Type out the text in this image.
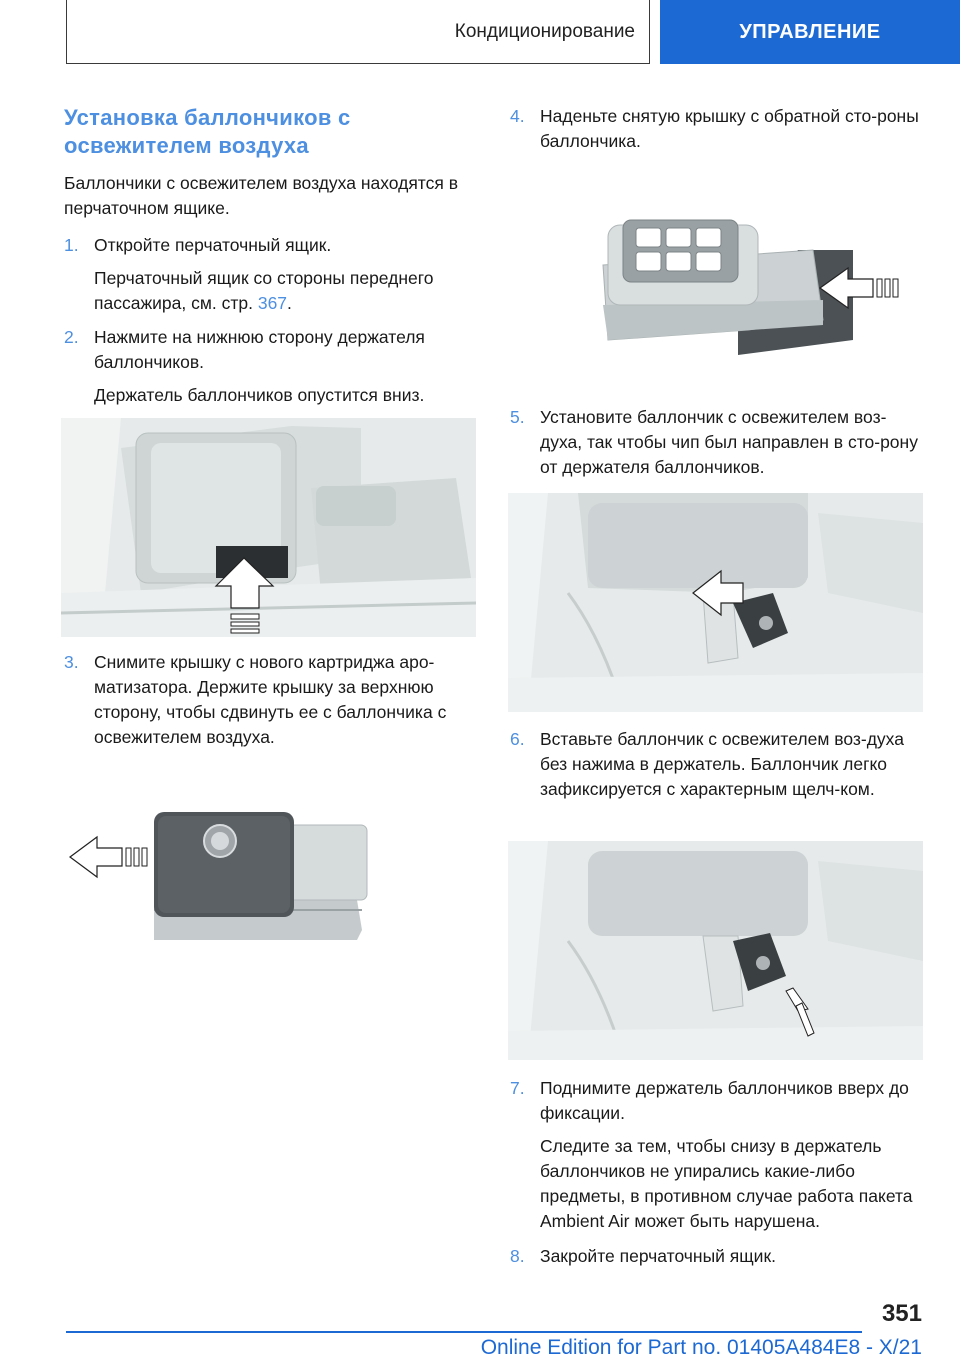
Кондиционирование	УПРАВЛЕНИЕ
Установка баллончиков с освежителем воздуха

Баллончики с освежителем воздуха находятся в перчаточном ящике.

1. Откройте перчаточный ящик.

Перчаточный ящик со стороны переднего пассажира, см. стр. 367.

2. Нажмите на нижнюю сторону держателя баллончиков.

Держатель баллончиков опустится вниз.

3. Снимите крышку с нового картриджа аро-матизатора. Держите крышку за верхнюю сторону, чтобы сдвинуть ее с баллончика с освежителем воздуха.
4. Наденьте снятую крышку с обратной сто-роны баллончика.
5. Установите баллончик с освежителем воз-духа, так чтобы чип был направлен в сто-рону от держателя баллончиков.
6. Вставьте баллончик с освежителем воз-духа без нажима в держатель. Баллончик легко зафиксируется с характерным щелч-ком.
7. Поднимите держатель баллончиков вверх до фиксации.

Следите за тем, чтобы снизу в держатель баллончиков не упирались какие-либо предметы, в противном случае работа пакета Ambient Air может быть нарушена.

8. Закройте перчаточный ящик.
351
Online Edition for Part no. 01405A484E8 - X/21
